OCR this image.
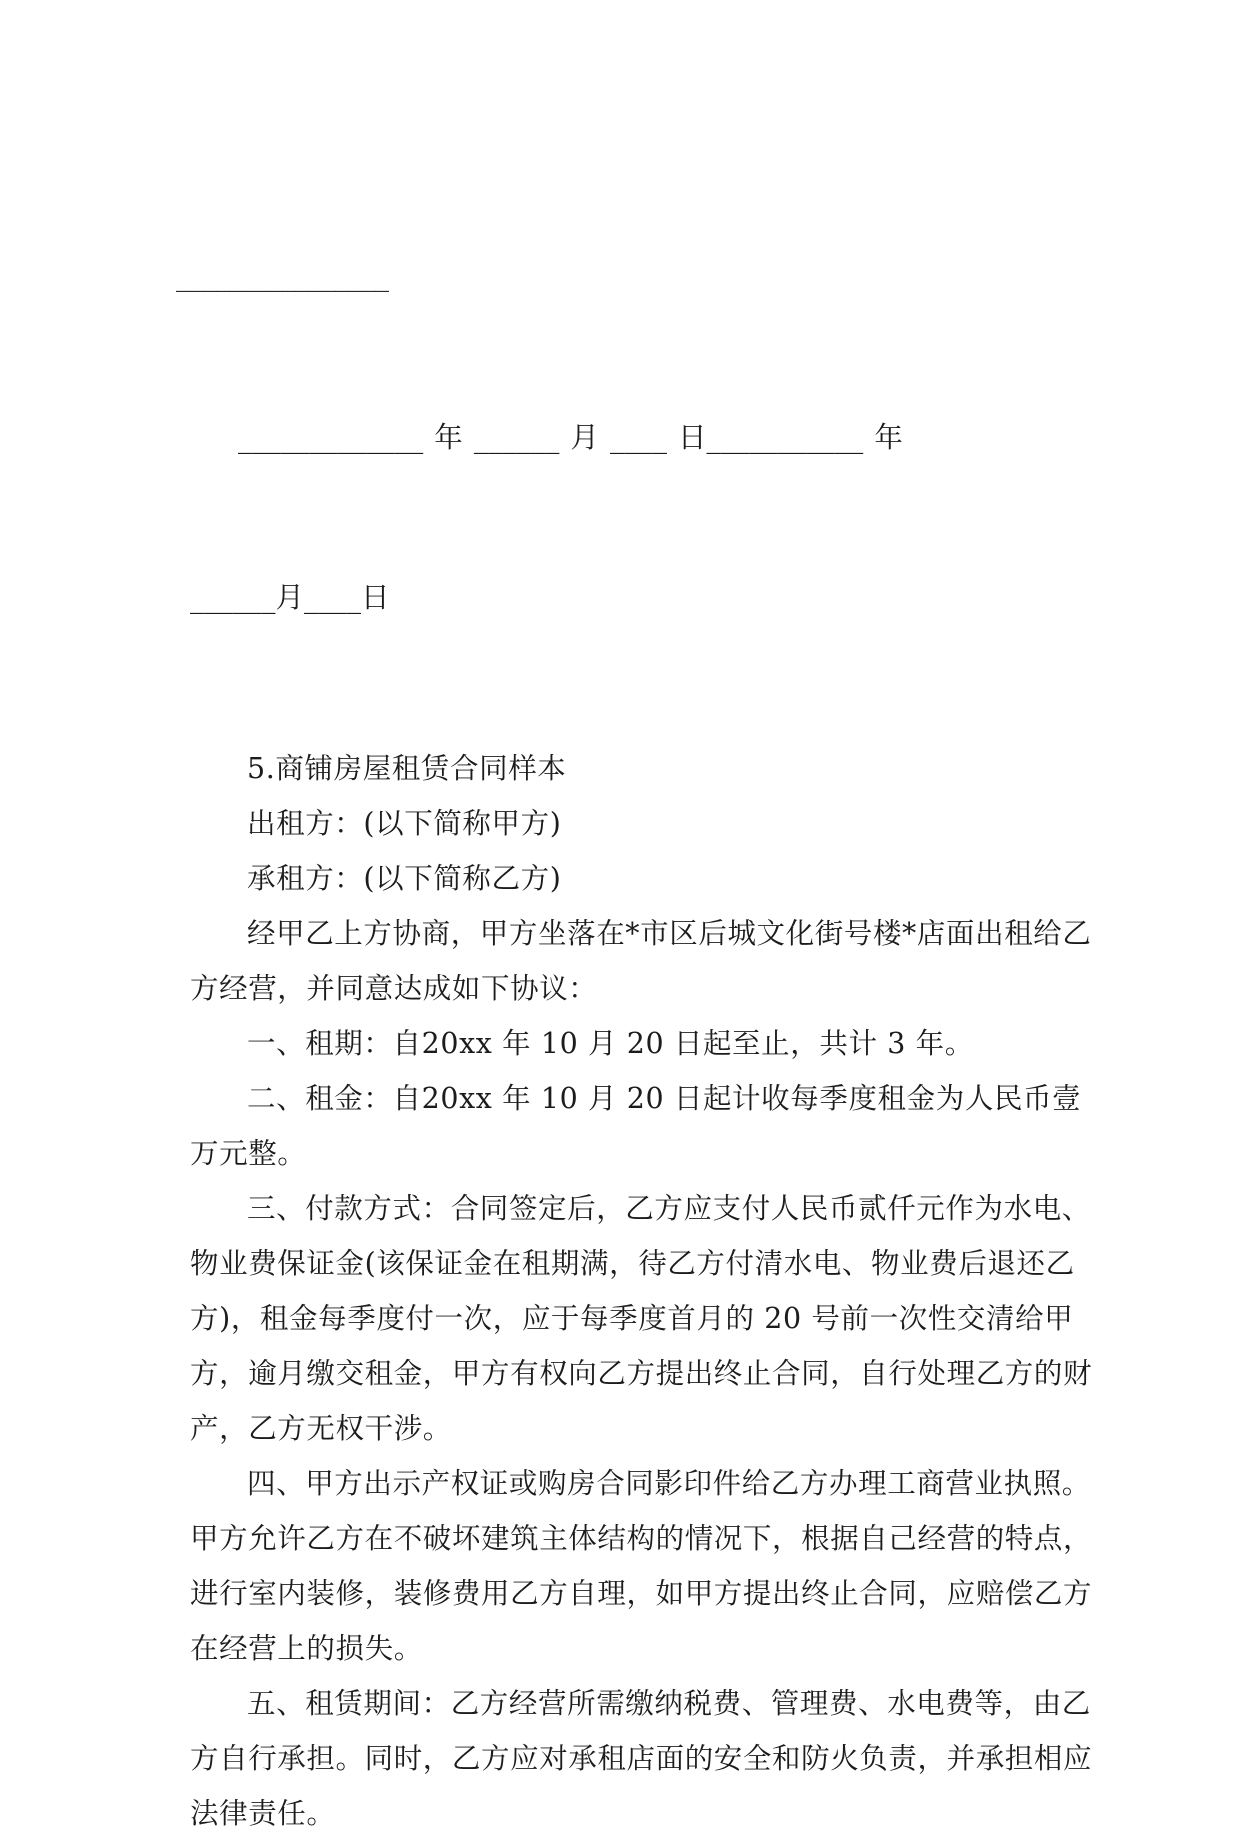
________________

_____________ 年 ______ 月 ____ 日___________ 年

______月____日

5.商铺房屋租赁合同样本

出租方：(以下简称甲方)

承租方：(以下简称乙方)

经甲乙上方协商，甲方坐落在*市区后城文化街号楼*店面出租给乙方经营，并同意达成如下协议：

一、租期：自20xx 年 10 月 20 日起至止，共计 3 年。

二、租金：自20xx 年 10 月 20 日起计收每季度租金为人民币壹万元整。

三、付款方式：合同签定后，乙方应支付人民币贰仟元作为水电、物业费保证金(该保证金在租期满，待乙方付清水电、物业费后退还乙方)，租金每季度付一次，应于每季度首月的 20 号前一次性交清给甲方，逾月缴交租金，甲方有权向乙方提出终止合同，自行处理乙方的财产，乙方无权干涉。

四、甲方出示产权证或购房合同影印件给乙方办理工商营业执照。甲方允许乙方在不破坏建筑主体结构的情况下，根据自己经营的特点，进行室内装修，装修费用乙方自理，如甲方提出终止合同，应赔偿乙方在经营上的损失。

五、租赁期间：乙方经营所需缴纳税费、管理费、水电费等，由乙方自行承担。同时，乙方应对承租店面的安全和防火负责，并承担相应法律责任。
